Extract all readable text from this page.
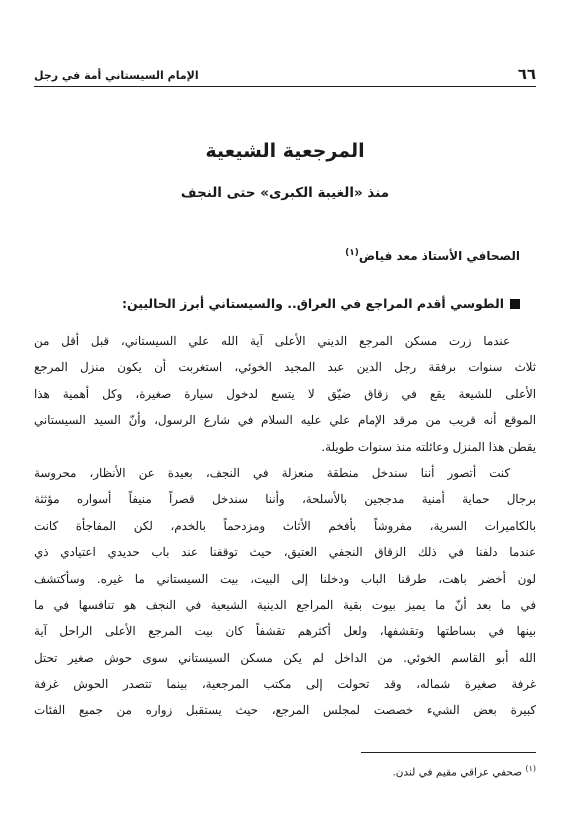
٦٦
الإمام السيستاني أمة في رجل
المرجعية الشيعية
منذ «الغيبة الكبرى» حتى النجف
الصحافي الأستاذ معد فياض$^{(١)}$
الطوسي أقدم المراجع في العراق.. والسيستاني أبرز الحاليين:
عندما زرت مسكن المرجع الديني الأعلى آية الله علي السيستاني، قبل أقل من
ثلاث سنوات برفقة رجل الدين عبد المجيد الخوئي، استغربت أن يكون منزل المرجع
الأعلى للشيعة يقع في زقاق ضيّق لا يتسع لدخول سيارة صغيرة، وكل أهمية هذا
الموقع أنه قريب من مرقد الإمام علي عليه السلام في شارع الرسول، وأنّ السيد السيستاني
يقطن هذا المنزل وعائلته منذ سنوات طويلة.
كنت أتصور أننا سندخل منطقة منعزلة في النجف، بعيدة عن الأنظار، محروسة
برجال حماية أمنية مدججين بالأسلحة، وأننا سندخل قصراً منيفاً أسواره مؤثثة
بالكاميرات السرية، مفروشاً بأفخم الأثاث ومزدحماً بالخدم، لكن المفاجأة كانت
عندما دلفنا في ذلك الزقاق النجفي العتيق، حيث توقفنا عند باب حديدي اعتيادي ذي
لون أخضر باهت، طرقنا الباب ودخلنا إلى البيت، بيت السيستاني ما غيره. وسأكتشف
في ما بعد أنّ ما يميز بيوت بقية المراجع الدينية الشيعية في النجف هو تنافسها في ما
بينها في بساطتها وتقشفها، ولعل أكثرهم تقشفاً كان بيت المرجع الأعلى الراحل آية
الله أبو القاسم الخوئي. من الداخل لم يكن مسكن السيستاني سوى حوش صغير تحتل
غرفة صغيرة شماله، وقد تحولت إلى مكتب المرجعية، بينما تتصدر الحوش غرفة
كبيرة بعض الشيء خصصت لمجلس المرجع، حيث يستقبل زواره من جميع الفئات
$^{(١)}$ صحفي عراقي مقيم في لندن.
